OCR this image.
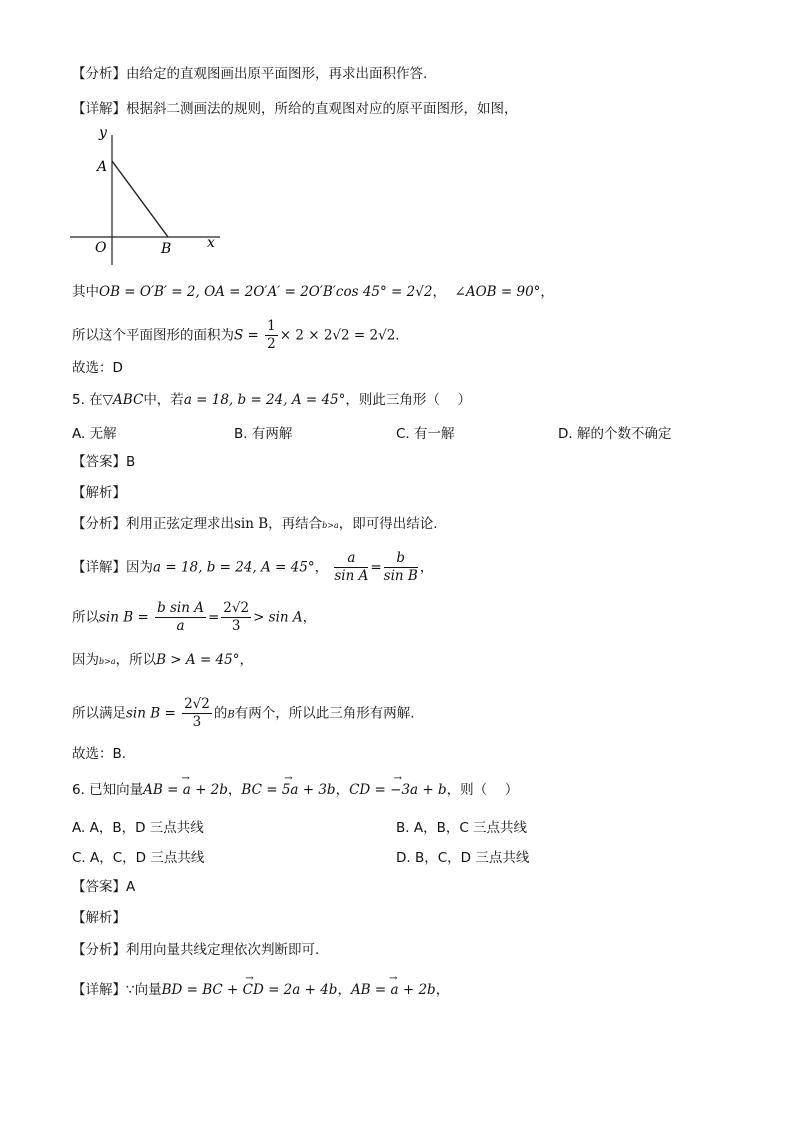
【分析】由给定的直观图画出原平面图形，再求出面积作答.
【详解】根据斜二测画法的规则，所给的直观图对应的原平面图形，如图，
y
A
O	B	x
其中OB = O′B′ = 2, OA = 2O′A′ = 2O′B′cos 45° = 2√2， ∠AOB = 90°，
所以这个平面图形的面积为$S = \frac{1}{2} \times 2 \times 2√2 = 2√2$.
故选：D
5. 在▽ABC中，若a = 18, b = 24, A = 45°，则此三角形（　 ）
A. 无解	B. 有两解	C. 有一解	D. 解的个数不确定
【答案】B
【解析】
【分析】利用正弦定理求出sin B，再结合b>a，即可得出结论.
【详解】因为a = 18, b = 24, A = 45°， $\frac{a}{\text{sin A}} = \frac{b}{\text{sin B}}$ ，
所以$\sin B = \frac{\text{b sin A}}{a} = \frac{2√2}{3} > \sin A$，
因为b>a，所以B > A = 45°，
所以满足$\sin B = \frac{2√2}{3}$ 的B有两个，所以此三角形有两解.
故选：B.
6. 已知向量→ AB = a + 2b，→ BC = 5a + 3b，→ CD = −3a + b，则（　 ）
A. A，B，D 三点共线	B. A，B，C 三点共线
C. A，C，D 三点共线	D. B，C，D 三点共线
【答案】A
【解析】
【分析】利用向量共线定理依次判断即可.
【详解】∵向量→ BD = BC + CD = 2a + 4b，→ AB = a + 2b，
